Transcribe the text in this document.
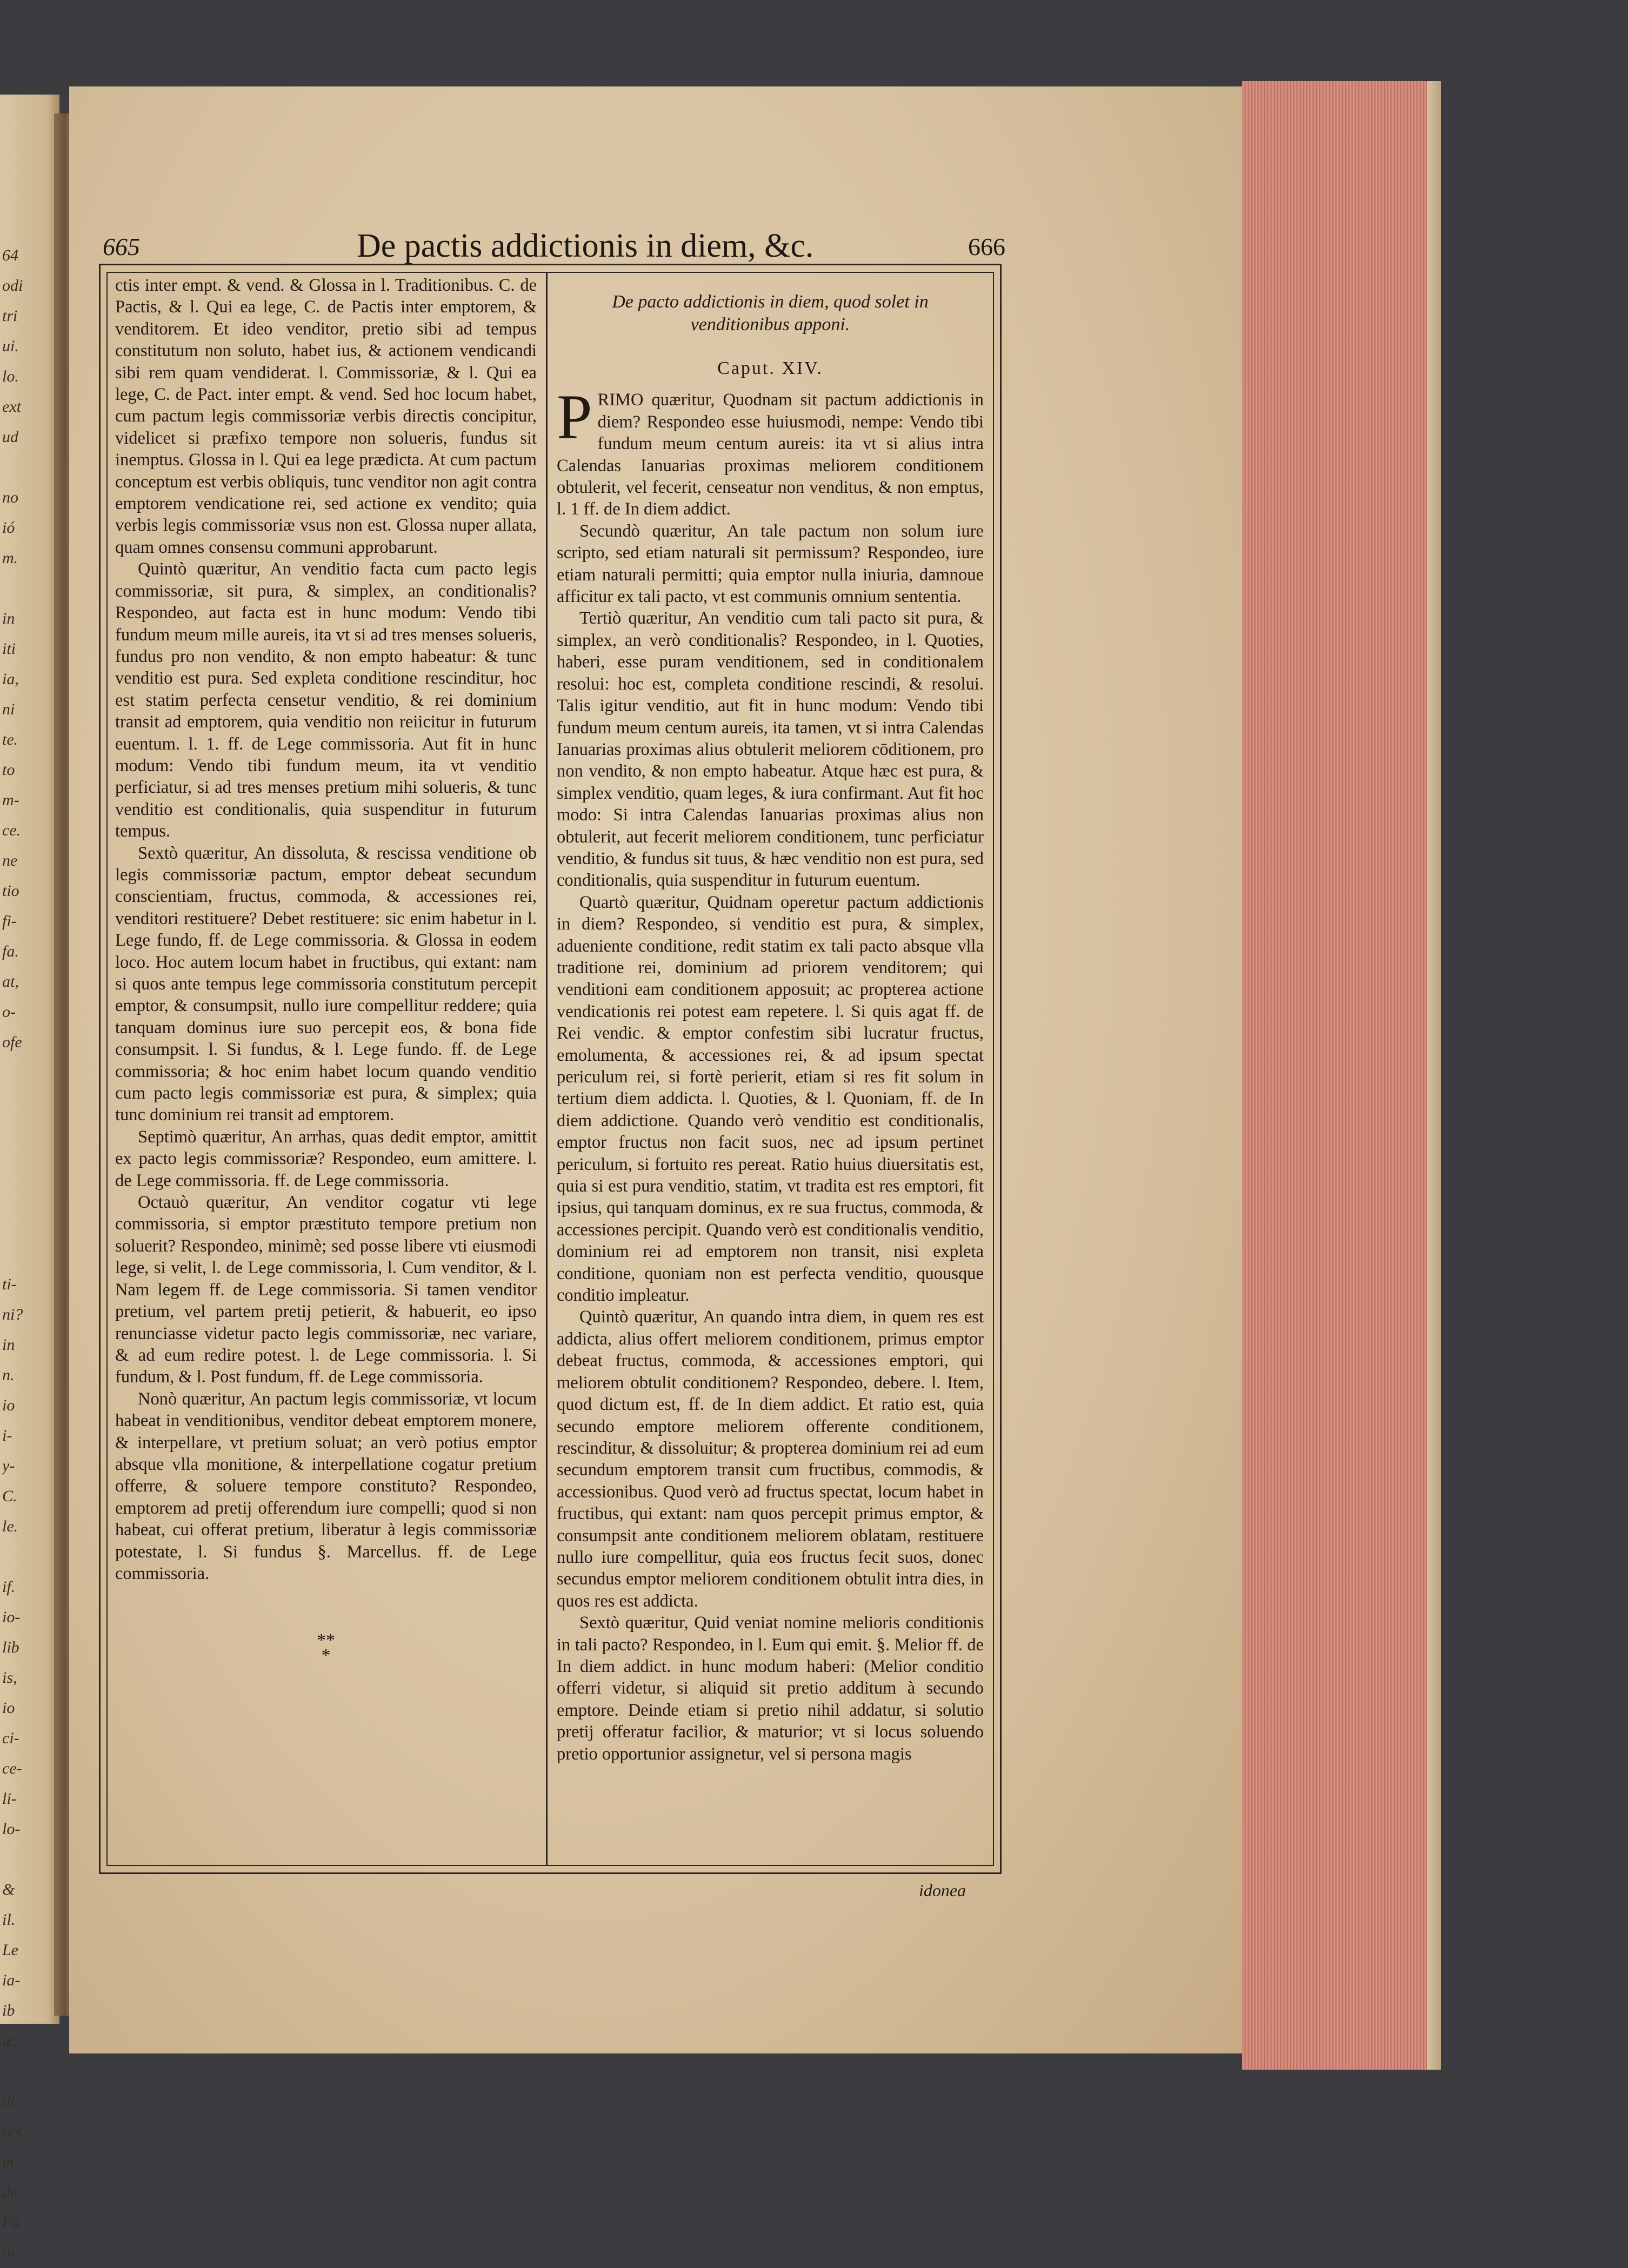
64
odi
tri
ui.
lo.
ext
ud

no
ió
m.

in
iti
ia,
ni
te.
to
m-
ce.
ne
tio
fi-
fa.
at,
o-
ofe

ti-
ni?
in
n.
io
i-
y-
C.
le.

if.
io-
lib
is,
io
ci-
ce-
li-
lo-

&
il.
Le
ia-
ib
æ.

di-
res
m
de
Fa
n-
665	De pactis addictionis in diem, &c.	666

ctis inter empt. & vend. & Glossa in l. Traditionibus. C. de Pactis, & l. Qui ea lege, C. de Pactis inter emptorem, & venditorem. Et ideo venditor, pretio sibi ad tempus constitutum non soluto, habet ius, & actionem vendicandi sibi rem quam vendiderat. l. Commissoriæ, & l. Qui ea lege, C. de Pact. inter empt. & vend. Sed hoc locum habet, cum pactum legis commissoriæ verbis directis concipitur, videlicet si præfixo tempore non solueris, fundus sit inemptus. Glossa in l. Qui ea lege prædicta. At cum pactum conceptum est verbis obliquis, tunc venditor non agit contra emptorem vendicatione rei, sed actione ex vendito; quia verbis legis commissoriæ vsus non est. Glossa nuper allata, quam omnes consensu communi approbarunt.

Quintò quæritur, An venditio facta cum pacto legis commissoriæ, sit pura, & simplex, an conditionalis? Respondeo, aut facta est in hunc modum: Vendo tibi fundum meum mille aureis, ita vt si ad tres menses solueris, fundus pro non vendito, & non empto habeatur: & tunc venditio est pura. Sed expleta conditione rescinditur, hoc est statim perfecta censetur venditio, & rei dominium transit ad emptorem, quia venditio non reiicitur in futurum euentum. l. 1. ff. de Lege commissoria. Aut fit in hunc modum: Vendo tibi fundum meum, ita vt venditio perficiatur, si ad tres menses pretium mihi solueris, & tunc venditio est conditionalis, quia suspenditur in futurum tempus.

Sextò quæritur, An dissoluta, & rescissa venditione ob legis commissoriæ pactum, emptor debeat secundum conscientiam, fructus, commoda, & accessiones rei, venditori restituere? Debet restituere: sic enim habetur in l. Lege fundo, ff. de Lege commissoria. & Glossa in eodem loco. Hoc autem locum habet in fructibus, qui extant: nam si quos ante tempus lege commissoria constitutum percepit emptor, & consumpsit, nullo iure compellitur reddere; quia tanquam dominus iure suo percepit eos, & bona fide consumpsit. l. Si fundus, & l. Lege fundo. ff. de Lege commissoria; & hoc enim habet locum quando venditio cum pacto legis commissoriæ est pura, & simplex; quia tunc dominium rei transit ad emptorem.

Septimò quæritur, An arrhas, quas dedit emptor, amittit ex pacto legis commissoriæ? Respondeo, eum amittere. l. de Lege commissoria. ff. de Lege commissoria.

Octauò quæritur, An venditor cogatur vti lege commissoria, si emptor præstituto tempore pretium non soluerit? Respondeo, minimè; sed posse libere vti eiusmodi lege, si velit, l. de Lege commissoria, l. Cum venditor, & l. Nam legem ff. de Lege commissoria. Si tamen venditor pretium, vel partem pretij petierit, & habuerit, eo ipso renunciasse videtur pacto legis commissoriæ, nec variare, & ad eum redire potest. l. de Lege commissoria. l. Si fundum, & l. Post fundum, ff. de Lege commissoria.

Nonò quæritur, An pactum legis commissoriæ, vt locum habeat in venditionibus, venditor debeat emptorem monere, & interpellare, vt pretium soluat; an verò potius emptor absque vlla monitione, & interpellatione cogatur pretium offerre, & soluere tempore constituto? Respondeo, emptorem ad pretij offerendum iure compelli; quod si non habeat, cui offerat pretium, liberatur à legis commissoriæ potestate, l. Si fundus §. Marcellus. ff. de Lege commissoria.

**
*
De pacto addictionis in diem, quod solet in venditionibus apponi.
Caput. XIV.

PRIMO quæritur, Quodnam sit pactum addictionis in diem? Respondeo esse huiusmodi, nempe: Vendo tibi fundum meum centum aureis: ita vt si alius intra Calendas Ianuarias proximas meliorem conditionem obtulerit, vel fecerit, censeatur non venditus, & non emptus, l. 1 ff. de In diem addict.

Secundò quæritur, An tale pactum non solum iure scripto, sed etiam naturali sit permissum? Respondeo, iure etiam naturali permitti; quia emptor nulla iniuria, damnoue afficitur ex tali pacto, vt est communis omnium sententia.

Tertiò quæritur, An venditio cum tali pacto sit pura, & simplex, an verò conditionalis? Respondeo, in l. Quoties, haberi, esse puram venditionem, sed in conditionalem resolui: hoc est, completa conditione rescindi, & resolui. Talis igitur venditio, aut fit in hunc modum: Vendo tibi fundum meum centum aureis, ita tamen, vt si intra Calendas Ianuarias proximas alius obtulerit meliorem cōditionem, pro non vendito, & non empto habeatur. Atque hæc est pura, & simplex venditio, quam leges, & iura confirmant. Aut fit hoc modo: Si intra Calendas Ianuarias proximas alius non obtulerit, aut fecerit meliorem conditionem, tunc perficiatur venditio, & fundus sit tuus, & hæc venditio non est pura, sed conditionalis, quia suspenditur in futurum euentum.

Quartò quæritur, Quidnam operetur pactum addictionis in diem? Respondeo, si venditio est pura, & simplex, adueniente conditione, redit statim ex tali pacto absque vlla traditione rei, dominium ad priorem venditorem; qui venditioni eam conditionem apposuit; ac propterea actione vendicationis rei potest eam repetere. l. Si quis agat ff. de Rei vendic. & emptor confestim sibi lucratur fructus, emolumenta, & accessiones rei, & ad ipsum spectat periculum rei, si fortè perierit, etiam si res fit solum in tertium diem addicta. l. Quoties, & l. Quoniam, ff. de In diem addictione. Quando verò venditio est conditionalis, emptor fructus non facit suos, nec ad ipsum pertinet periculum, si fortuito res pereat. Ratio huius diuersitatis est, quia si est pura venditio, statim, vt tradita est res emptori, fit ipsius, qui tanquam dominus, ex re sua fructus, commoda, & accessiones percipit. Quando verò est conditionalis venditio, dominium rei ad emptorem non transit, nisi expleta conditione, quoniam non est perfecta venditio, quousque conditio impleatur.

Quintò quæritur, An quando intra diem, in quem res est addicta, alius offert meliorem conditionem, primus emptor debeat fructus, commoda, & accessiones emptori, qui meliorem obtulit conditionem? Respondeo, debere. l. Item, quod dictum est, ff. de In diem addict. Et ratio est, quia secundo emptore meliorem offerente conditionem, rescinditur, & dissoluitur; & propterea dominium rei ad eum secundum emptorem transit cum fructibus, commodis, & accessionibus. Quod verò ad fructus spectat, locum habet in fructibus, qui extant: nam quos percepit primus emptor, & consumpsit ante conditionem meliorem oblatam, restituere nullo iure compellitur, quia eos fructus fecit suos, donec secundus emptor meliorem conditionem obtulit intra dies, in quos res est addicta.

Sextò quæritur, Quid veniat nomine melioris conditionis in tali pacto? Respondeo, in l. Eum qui emit. §. Melior ff. de In diem addict. in hunc modum haberi: (Melior conditio offerri videtur, si aliquid sit pretio additum à secundo emptore. Deinde etiam si pretio nihil addatur, si solutio pretij offeratur facilior, & maturior; vt si locus soluendo pretio opportunior assignetur, vel si persona magis

idonea
